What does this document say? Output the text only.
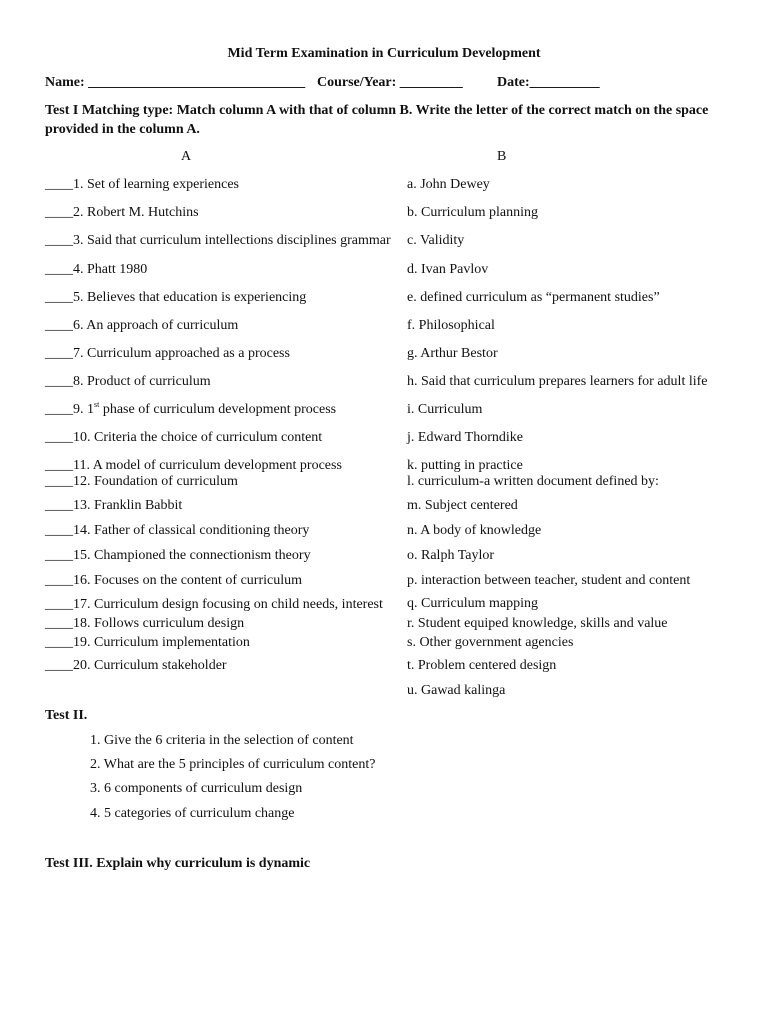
Mid Term Examination in Curriculum Development
Name: _______________________________ Course/Year: _________ Date:__________
Test I Matching type: Match column A with that of column B. Write the letter of the correct match on the space
provided in the column A.
A	B
____1. Set of learning experiences
____2. Robert M. Hutchins
____3. Said that curriculum intellections disciplines grammar
____4. Phatt 1980
____5. Believes that education is experiencing
____6. An approach of curriculum
____7. Curriculum approached as a process
____8. Product of curriculum
____9. 1st phase of curriculum development process
____10. Criteria the choice of curriculum content
____11. A model of curriculum development process
____12. Foundation of curriculum
____13. Franklin Babbit
____14. Father of classical conditioning theory
____15. Championed the connectionism theory
____16. Focuses on the content of curriculum
____17. Curriculum design focusing on child needs, interest
____18. Follows curriculum design
____19. Curriculum implementation
____20. Curriculum stakeholder
a. John Dewey
b. Curriculum planning
c. Validity
d. Ivan Pavlov
e. defined curriculum as “permanent studies”
f. Philosophical
g. Arthur Bestor
h. Said that curriculum prepares learners for adult life
i. Curriculum
j. Edward Thorndike
k. putting in practice
l. curriculum-a written document defined by:
m. Subject centered
n. A body of knowledge
o. Ralph Taylor
p. interaction between teacher, student and content
q. Curriculum mapping
r. Student equiped knowledge, skills and value
s. Other government agencies
t. Problem centered design
u. Gawad kalinga
Test II.
1. Give the 6 criteria in the selection of content
2. What are the 5 principles of curriculum content?
3. 6 components of curriculum design
4. 5 categories of curriculum change
Test III. Explain why curriculum is dynamic
